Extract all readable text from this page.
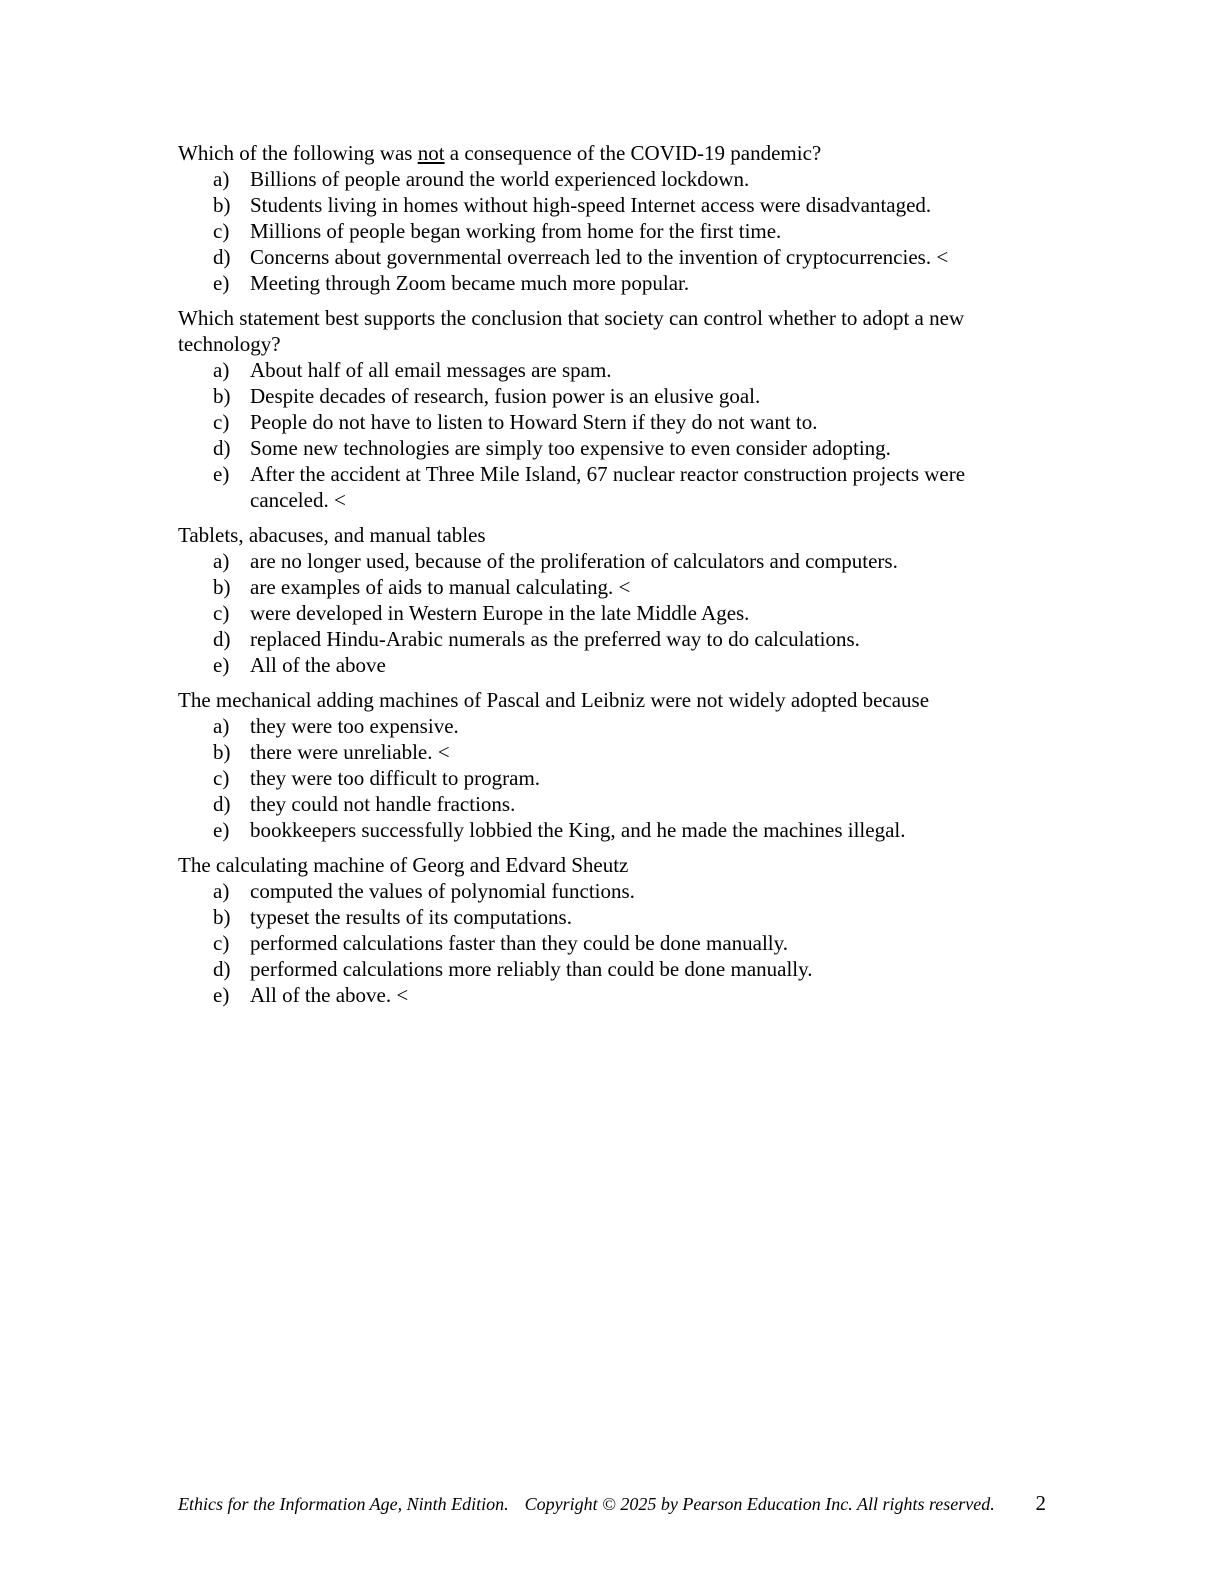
Which of the following was not a consequence of the COVID-19 pandemic?

a) Billions of people around the world experienced lockdown.
b) Students living in homes without high-speed Internet access were disadvantaged.
c) Millions of people began working from home for the first time.
d) Concerns about governmental overreach led to the invention of cryptocurrencies. <
e) Meeting through Zoom became much more popular.

Which statement best supports the conclusion that society can control whether to adopt a new technology?

a) About half of all email messages are spam.
b) Despite decades of research, fusion power is an elusive goal.
c) People do not have to listen to Howard Stern if they do not want to.
d) Some new technologies are simply too expensive to even consider adopting.
e) After the accident at Three Mile Island, 67 nuclear reactor construction projects were canceled. <

Tablets, abacuses, and manual tables

a) are no longer used, because of the proliferation of calculators and computers.
b) are examples of aids to manual calculating. <
c) were developed in Western Europe in the late Middle Ages.
d) replaced Hindu-Arabic numerals as the preferred way to do calculations.
e) All of the above

The mechanical adding machines of Pascal and Leibniz were not widely adopted because

a) they were too expensive.
b) there were unreliable. <
c) they were too difficult to program.
d) they could not handle fractions.
e) bookkeepers successfully lobbied the King, and he made the machines illegal.

The calculating machine of Georg and Edvard Sheutz

a) computed the values of polynomial functions.
b) typeset the results of its computations.
c) performed calculations faster than they could be done manually.
d) performed calculations more reliably than could be done manually.
e) All of the above. <
Ethics for the Information Age, Ninth Edition. Copyright © 2025 by Pearson Education Inc. All rights reserved. 2
